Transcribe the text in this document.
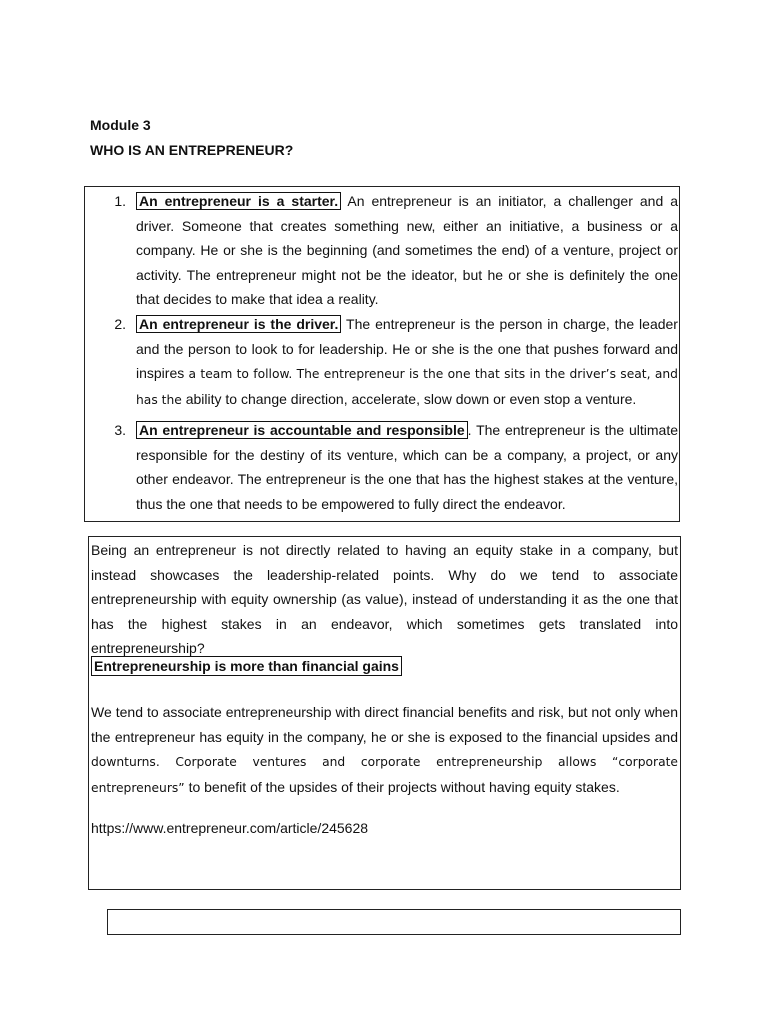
Module 3
WHO IS AN ENTREPRENEUR?
1. An entrepreneur is a starter. An entrepreneur is an initiator, a challenger and a driver. Someone that creates something new, either an initiative, a business or a company. He or she is the beginning (and sometimes the end) of a venture, project or activity. The entrepreneur might not be the ideator, but he or she is definitely the one that decides to make that idea a reality.
2. An entrepreneur is the driver. The entrepreneur is the person in charge, the leader and the person to look to for leadership. He or she is the one that pushes forward and inspires a team to follow. The entrepreneur is the one that sits in the driver’s seat, and has the ability to change direction, accelerate, slow down or even stop a venture.
3. An entrepreneur is accountable and responsible . The entrepreneur is the ultimate responsible for the destiny of its venture, which can be a company, a project, or any other endeavor. The entrepreneur is the one that has the highest stakes at the venture, thus the one that needs to be empowered to fully direct the endeavor.
Being an entrepreneur is not directly related to having an equity stake in a company, but instead showcases the leadership-related points. Why do we tend to associate entrepreneurship with equity ownership (as value), instead of understanding it as the one that has the highest stakes in an endeavor, which sometimes gets translated into entrepreneurship?
Entrepreneurship is more than financial gains
We tend to associate entrepreneurship with direct financial benefits and risk, but not only when the entrepreneur has equity in the company, he or she is exposed to the financial upsides and downturns. Corporate ventures and corporate entrepreneurship allows “corporate entrepreneurs” to benefit of the upsides of their projects without having equity stakes.
https://www.entrepreneur.com/article/245628
